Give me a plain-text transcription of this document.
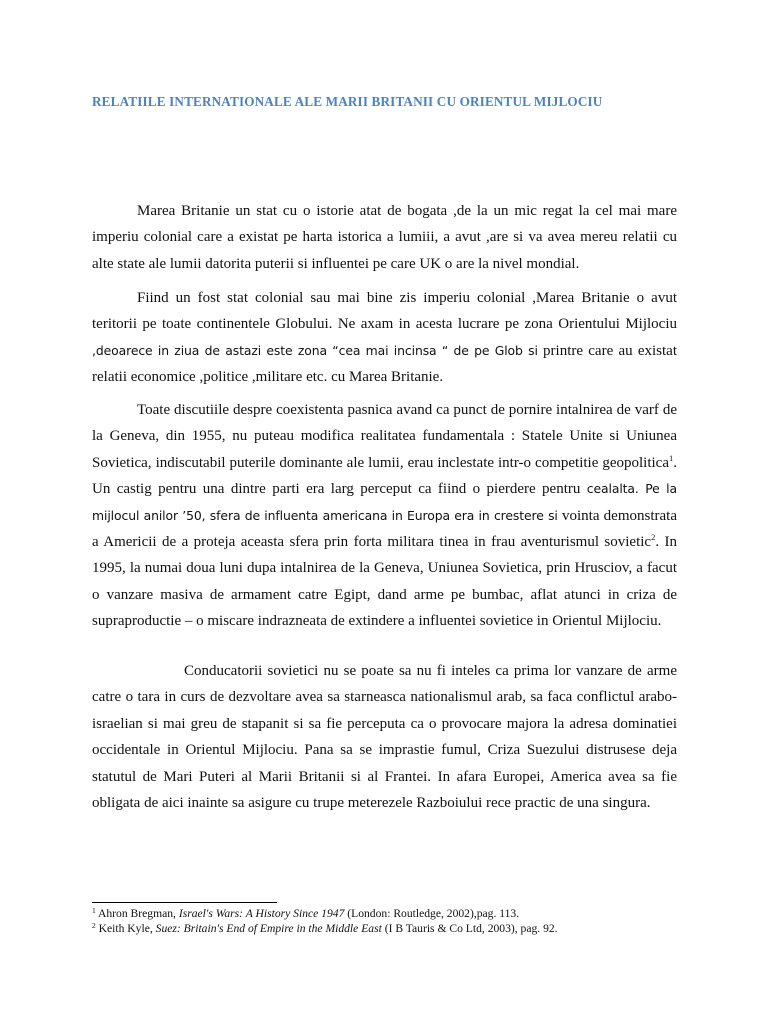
RELATIILE INTERNATIONALE ALE MARII BRITANII CU ORIENTUL MIJLOCIU

Marea Britanie un stat cu o istorie atat de bogata ,de la un mic regat la cel mai mare imperiu colonial care a existat pe harta istorica a lumiii, a avut ,are si va avea mereu relatii cu alte state ale lumii datorita puterii si influentei pe care UK o are la nivel mondial.

Fiind un fost stat colonial sau mai bine zis imperiu colonial ,Marea Britanie o avut teritorii pe toate continentele Globului. Ne axam in acesta lucrare pe zona Orientului Mijlociu ,deoarece in ziua de astazi este zona “cea mai incinsa “ de pe Glob si printre care au existat relatii economice ,politice ,militare etc. cu Marea Britanie.

Toate discutiile despre coexistenta pasnica avand ca punct de pornire intalnirea de varf de la Geneva, din 1955, nu puteau modifica realitatea fundamentala : Statele Unite si Uniunea Sovietica, indiscutabil puterile dominante ale lumii, erau inclestate intr-o competitie geopolitica$^1$. Un castig pentru una dintre parti era larg perceput ca fiind o pierdere pentru cealalta. Pe la mijlocul anilor ’50, sfera de influenta americana in Europa era in crestere si vointa demonstrata a Americii de a proteja aceasta sfera prin forta militara tinea in frau aventurismul sovietic$^2$. In 1995, la numai doua luni dupa intalnirea de la Geneva, Uniunea Sovietica, prin Hrusciov, a facut o vanzare masiva de armament catre Egipt, dand arme pe bumbac, aflat atunci in criza de supraproductie – o miscare indrazneata de extindere a influentei sovietice in Orientul Mijlociu.

Conducatorii sovietici nu se poate sa nu fi inteles ca prima lor vanzare de arme catre o tara in curs de dezvoltare avea sa starneasca nationalismul arab, sa faca conflictul arabo-israelian si mai greu de stapanit si sa fie perceputa ca o provocare majora la adresa dominatiei occidentale in Orientul Mijlociu. Pana sa se imprastie fumul, Criza Suezului distrusese deja statutul de Mari Puteri al Marii Britanii si al Frantei. In afara Europei, America avea sa fie obligata de aici inainte sa asigure cu trupe meterezele Razboiului rece practic de una singura.

$^1$ Ahron Bregman, Israel's Wars: A History Since 1947 (London: Routledge, 2002),pag. 113.

$^2$ Keith Kyle, Suez: Britain's End of Empire in the Middle East (I B Tauris & Co Ltd, 2003), pag. 92.
